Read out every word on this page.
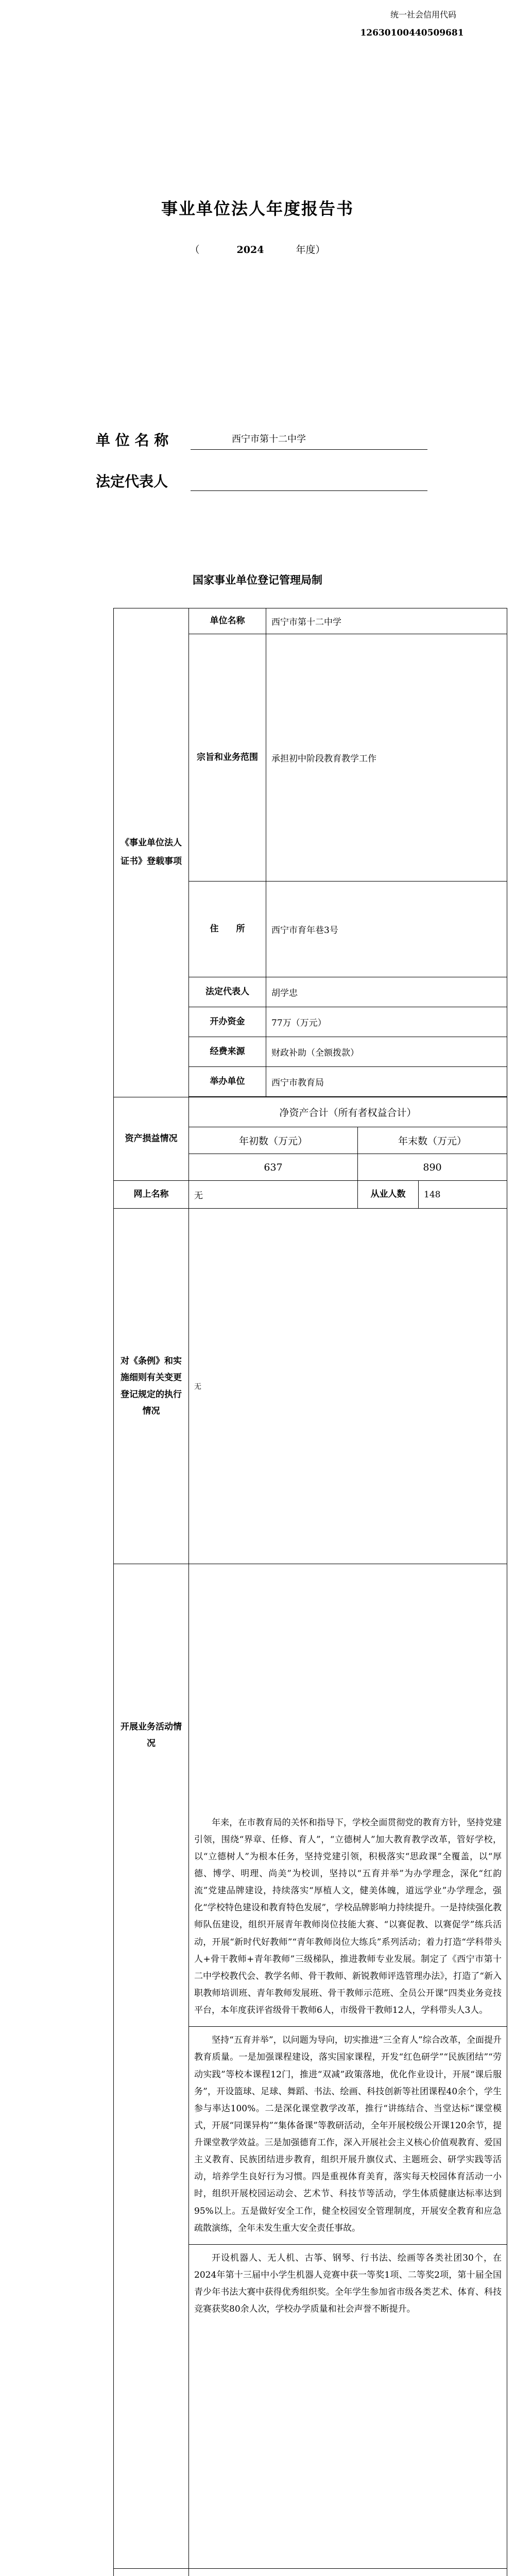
统一社会信用代码
12630100440509681
事业单位法人年度报告书
（	2024	年度）
单 位 名 称	西宁市第十二中学
法定代表人
国家事业单位登记管理局制
《事业单位法人证书》登载事项	单位名称	西宁市第十二中学		
	宗旨和业务范围	承担初中阶段教育教学工作		
	住　　所	西宁市育年巷3号		
	法定代表人	胡学忠		
	开办资金	77万（万元）		
	经费来源	财政补助（全额拨款）		
	举办单位	西宁市教育局		

资产损益情况	净资产合计（所有者权益合计）			
	年初数（万元）		年末数（万元）	
	637		890	
网上名称	无		从业人数	148
对《条例》和实施细则有关变更登记规定的执行情况	无			
开展业务活动情况	年来，在市教育局的关怀和指导下，学校全面贯彻党的教育方针，坚持党建引领，围绕“界章、任修、育人”，“立德树人”加大教育教学改革，管好学校，以“立德树人”为根本任务，坚持党建引领，积极落实“思政课”全覆盖，以“厚德、博学、明理、尚美”为校训，坚持以“五育并举”为办学理念，深化“红韵流”党建品牌建设，持续落实“厚植人文，健美体魄，道远学业”办学理念，强化“学校特色建设和教育特色发展”，学校品牌影响力持续提升。一是持续强化教师队伍建设，组织开展青年教师岗位技能大赛、“以赛促教、以赛促学”练兵活动，开展“新时代好教师”“青年教师岗位大练兵”系列活动；着力打造“学科带头人+骨干教师+青年教师”三级梯队，推进教师专业发展。制定了《西宁市第十二中学校教代会、教学名师、骨干教师、新锐教师评选管理办法》，打造了“新入职教师培训班、青年教师发展班、骨干教师示范班、全员公开课”四类业务竞技平台，本年度获评省级骨干教师6人，市级骨干教师12人，学科带头人3人。

坚持“五育并举”，以问题为导向，切实推进“三全育人”综合改革，全面提升教育质量。一是加强课程建设，落实国家课程，开发“红色研学”“民族团结”“劳动实践”等校本课程12门，推进“双减”政策落地，优化作业设计，开展“课后服务”，开设篮球、足球、舞蹈、书法、绘画、科技创新等社团课程40余个，学生参与率达100%。二是深化课堂教学改革，推行“讲练结合、当堂达标”课堂模式，开展“同课异构”“集体备课”等教研活动，全年开展校级公开课120余节，提升课堂教学效益。三是加强德育工作，深入开展社会主义核心价值观教育、爱国主义教育、民族团结进步教育，组织开展升旗仪式、主题班会、研学实践等活动，培养学生良好行为习惯。四是重视体育美育，落实每天校园体育活动一小时，组织开展校园运动会、艺术节、科技节等活动，学生体质健康达标率达到95%以上。五是做好安全工作，健全校园安全管理制度，开展安全教育和应急疏散演练，全年未发生重大安全责任事故。

开设机器人、无人机、古筝、钢琴、行书法、绘画等各类社团30个，在2024年第十三届中小学生机器人竞赛中获一等奖1项、二等奖2项，第十届全国青少年书法大赛中获得优秀组织奖。全年学生参加省市级各类艺术、体育、科技竞赛获奖80余人次，学校办学质量和社会声誉不断提升。			
